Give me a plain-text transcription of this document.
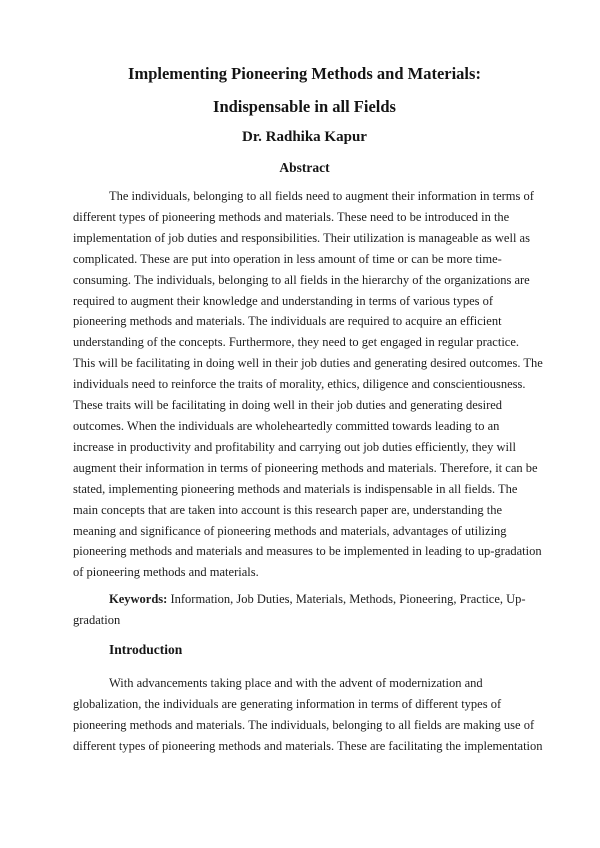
Implementing Pioneering Methods and Materials:
Indispensable in all Fields
Dr. Radhika Kapur
Abstract
The individuals, belonging to all fields need to augment their information in terms of
different types of pioneering methods and materials. These need to be introduced in the
implementation of job duties and responsibilities. Their utilization is manageable as well as
complicated. These are put into operation in less amount of time or can be more time-
consuming. The individuals, belonging to all fields in the hierarchy of the organizations are
required to augment their knowledge and understanding in terms of various types of
pioneering methods and materials. The individuals are required to acquire an efficient
understanding of the concepts. Furthermore, they need to get engaged in regular practice.
This will be facilitating in doing well in their job duties and generating desired outcomes. The
individuals need to reinforce the traits of morality, ethics, diligence and conscientiousness.
These traits will be facilitating in doing well in their job duties and generating desired
outcomes. When the individuals are wholeheartedly committed towards leading to an
increase in productivity and profitability and carrying out job duties efficiently, they will
augment their information in terms of pioneering methods and materials. Therefore, it can be
stated, implementing pioneering methods and materials is indispensable in all fields. The
main concepts that are taken into account is this research paper are, understanding the
meaning and significance of pioneering methods and materials, advantages of utilizing
pioneering methods and materials and measures to be implemented in leading to up-gradation
of pioneering methods and materials.
Keywords: Information, Job Duties, Materials, Methods, Pioneering, Practice, Up-
gradation
Introduction
With advancements taking place and with the advent of modernization and
globalization, the individuals are generating information in terms of different types of
pioneering methods and materials. The individuals, belonging to all fields are making use of
different types of pioneering methods and materials. These are facilitating the implementation
